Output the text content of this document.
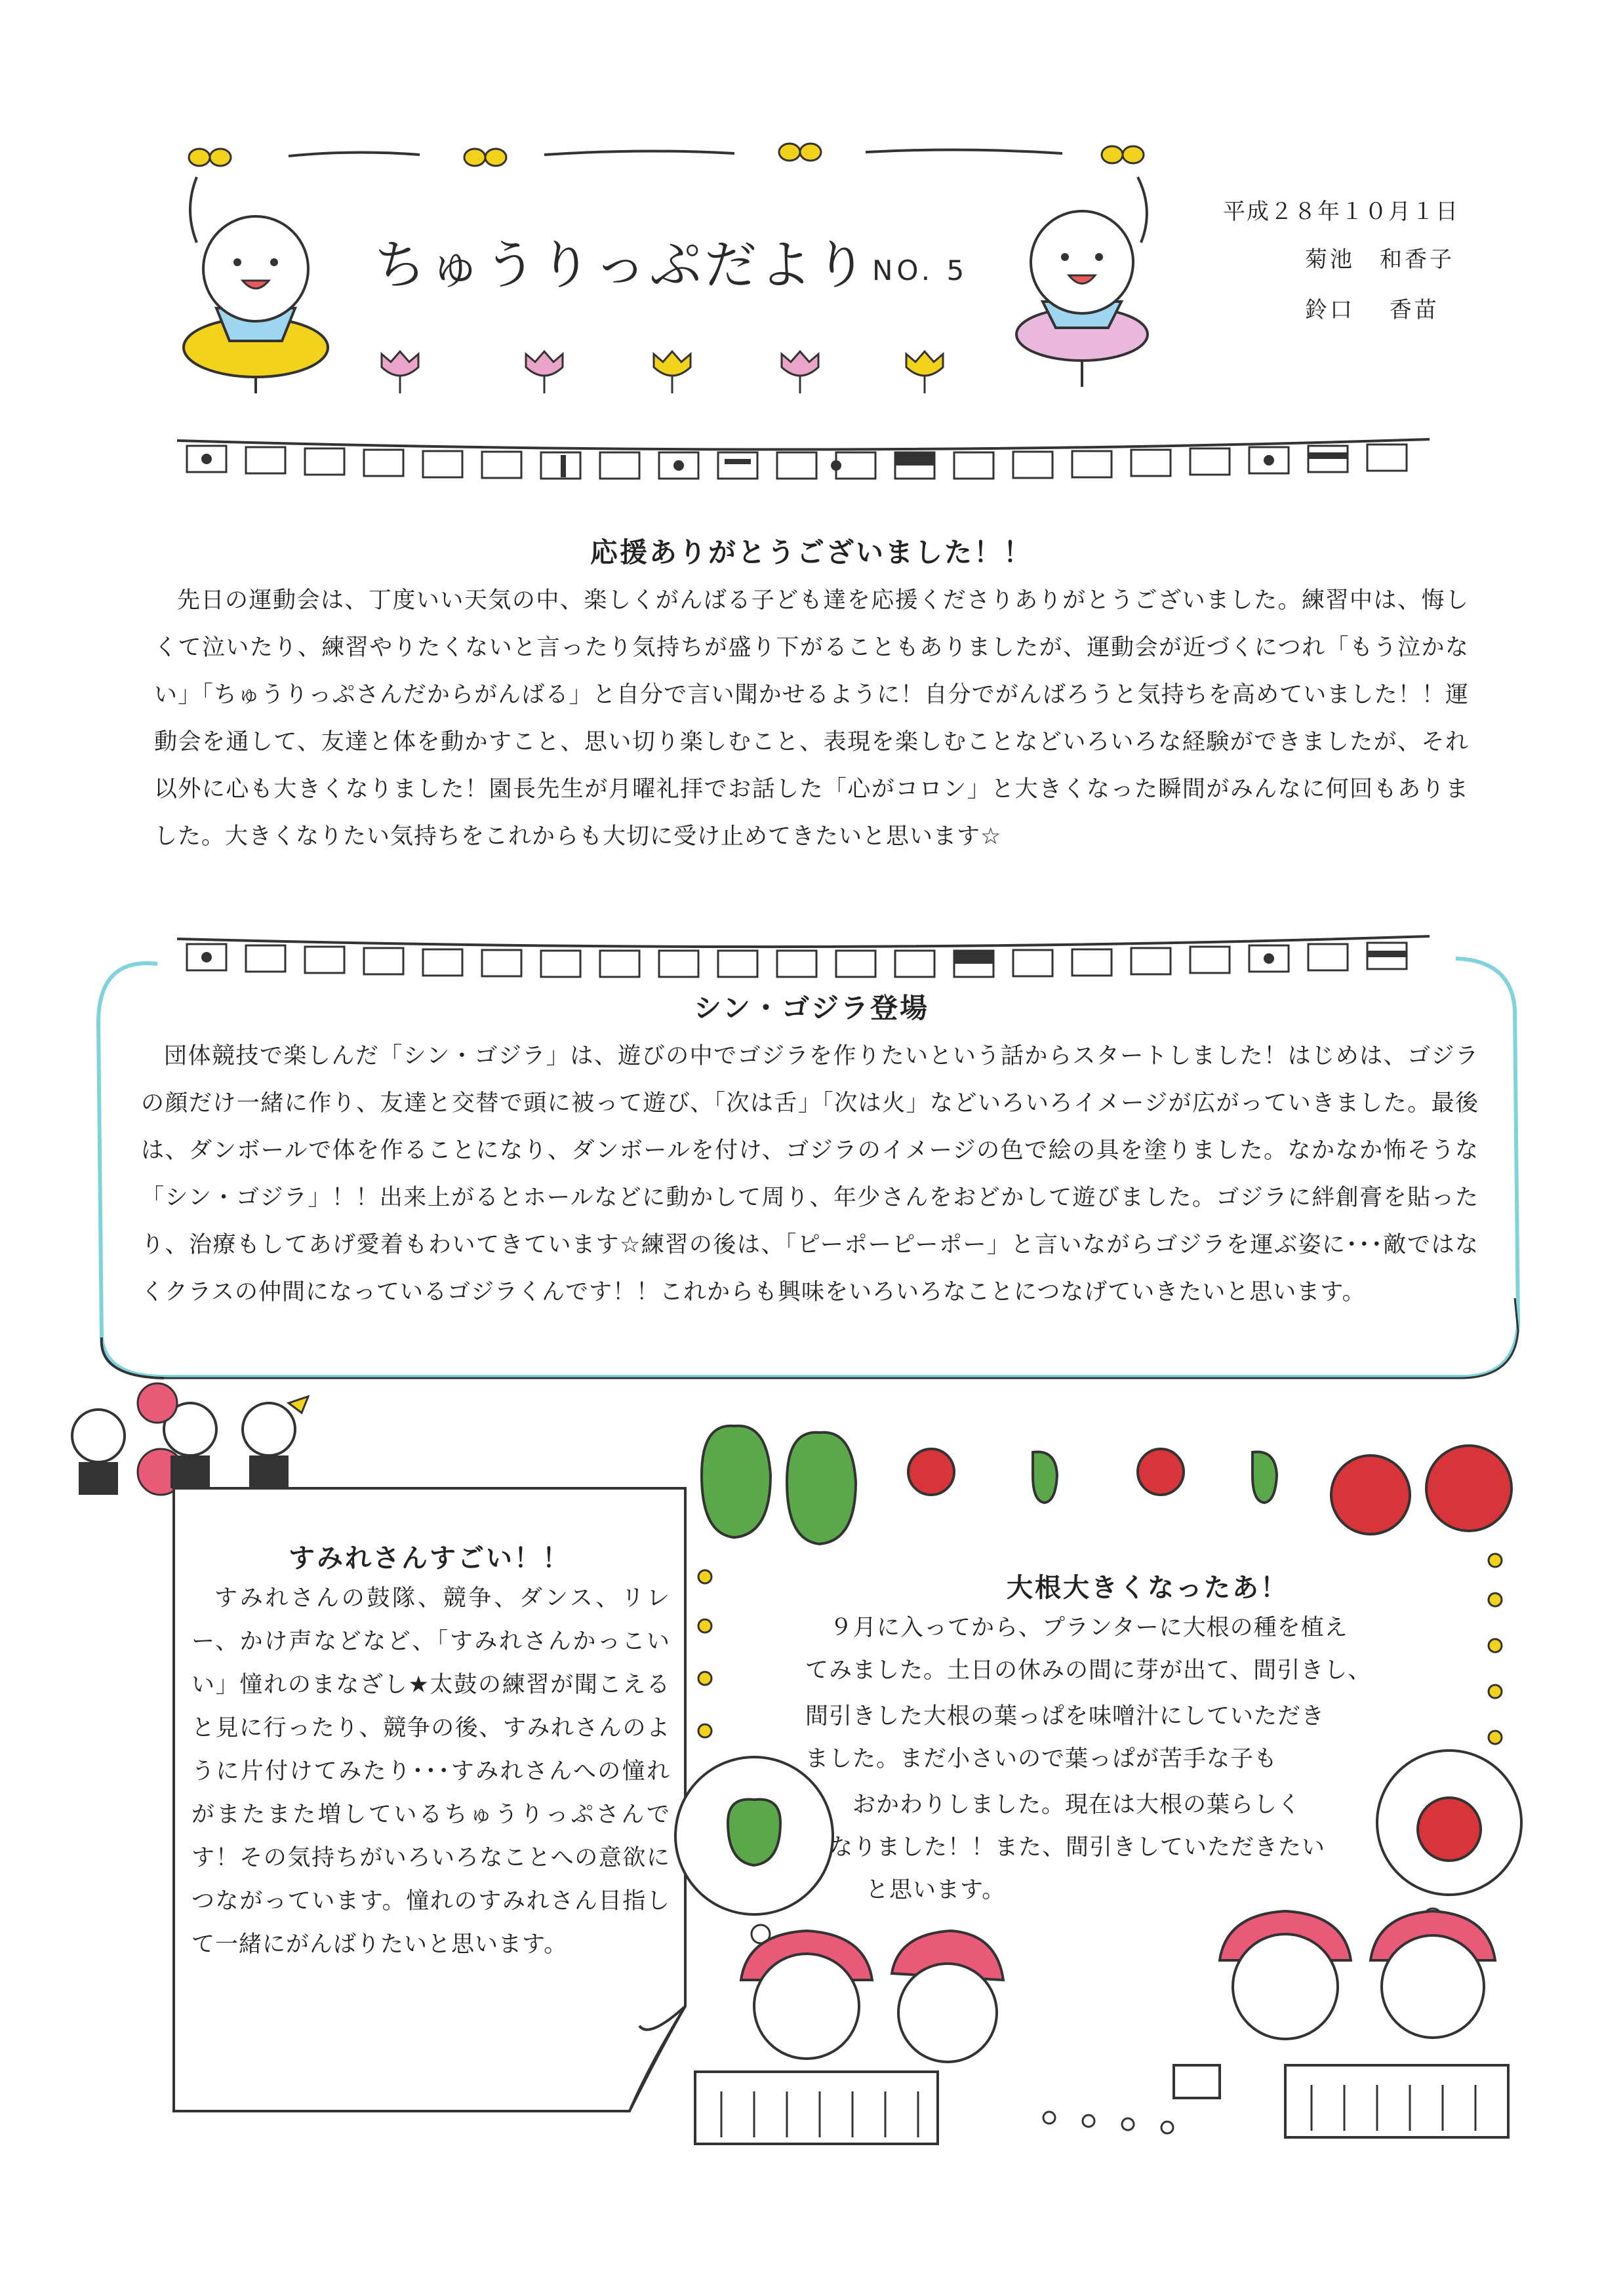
ちゅうりっぷだより NO. 5
平成２８年１０月１日
菊池　和香子
鈴口　 香苗
応援ありがとうございました！！
先日の運動会は、丁度いい天気の中、楽しくがんばる子ども達を応援くださりありがとうございました。練習中は、悔しくて泣いたり、練習やりたくないと言ったり気持ちが盛り下がることもありましたが、運動会が近づくにつれ「もう泣かない」「ちゅうりっぷさんだからがんばる」と自分で言い聞かせるように！自分でがんばろうと気持ちを高めていました！！運動会を通して、友達と体を動かすこと、思い切り楽しむこと、表現を楽しむことなどいろいろな経験ができましたが、それ以外に心も大きくなりました！園長先生が月曜礼拝でお話した「心がコロン」と大きくなった瞬間がみんなに何回もありました。大きくなりたい気持ちをこれからも大切に受け止めてきたいと思います☆
シン・ゴジラ登場
団体競技で楽しんだ「シン・ゴジラ」は、遊びの中でゴジラを作りたいという話からスタートしました！はじめは、ゴジラの顔だけ一緒に作り、友達と交替で頭に被って遊び、「次は舌」「次は火」などいろいろイメージが広がっていきました。最後は、ダンボールで体を作ることになり、ダンボールを付け、ゴジラのイメージの色で絵の具を塗りました。なかなか怖そうな「シン・ゴジラ」！！出来上がるとホールなどに動かして周り、年少さんをおどかして遊びました。ゴジラに絆創膏を貼ったり、治療もしてあげ愛着もわいてきています☆練習の後は、「ピーポーピーポー」と言いながらゴジラを運ぶ姿に･･･敵ではなくクラスの仲間になっているゴジラくんです！！これからも興味をいろいろなことにつなげていきたいと思います。
すみれさんすごい！！
すみれさんの鼓隊、競争、ダンス、リレー、かけ声などなど、「すみれさんかっこいい」憧れのまなざし★太鼓の練習が聞こえると見に行ったり、競争の後、すみれさんのように片付けてみたり･･･すみれさんへの憧れがまたまた増しているちゅうりっぷさんです！その気持ちがいろいろなことへの意欲につながっています。憧れのすみれさん目指して一緒にがんばりたいと思います。
大根大きくなったあ！
９月に入ってから、プランターに大根の種を植え
てみました。土日の休みの間に芽が出て、間引きし、
間引きした大根の葉っぱを味噌汁にしていただき
ました。まだ小さいので葉っぱが苦手な子も
おかわりしました。現在は大根の葉らしく
なりました！！また、間引きしていただきたい
と思います。
